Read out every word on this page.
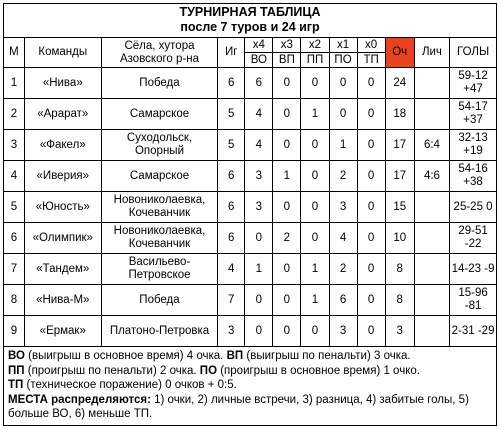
ТУРНИРНАЯ ТАБЛИЦА
после 7 туров и 24 игр
М	Команды	Сёла, хутора Азовского р-на	Иг	х4	х3	х2	х1	х0	Оч	Лич	ГОЛЫ
				ВО	ВП	ПП	ПО	ТП			
1	«Нива»	Победа	6	6	0	0	0	0	24		59-12 +47
2	«Арарат»	Самарское	5	4	0	1	0	0	18		54-17 +37
3	«Факел»	Суходольск, Опорный	5	4	0	0	1	0	17	6:4	32-13 +19
4	«Иверия»	Самарское	6	3	1	0	2	0	17	4:6	54-16 +38
5	«Юность»	Новониколаевка, Кочеванчик	6	3	0	0	3	0	15		25-25 0
6	«Олимпик»	Новониколаевка, Кочеванчик	6	0	2	0	4	0	10		29-51 -22
7	«Тандем»	Васильево-Петровское	4	1	0	1	2	0	8		14-23 -9
8	«Нива-М»	Победа	7	0	0	1	6	0	8		15-96 -81
9	«Ермак»	Платоно-Петровка	3	0	0	0	3	0	3		2-31 -29
ВО (выигрыш в основное время) 4 очка. ВП (выигрыш по пенальти) 3 очка.
ПП (проигрыш по пенальти) 2 очка. ПО (проигрыш в основное время) 1 очко.
ТП (техническое поражение) 0 очков + 0:5.
МЕСТА распределяются: 1) очки, 2) личные встречи, 3) разница, 4) забитые голы, 5) больше ВО, 6) меньше ТП.
